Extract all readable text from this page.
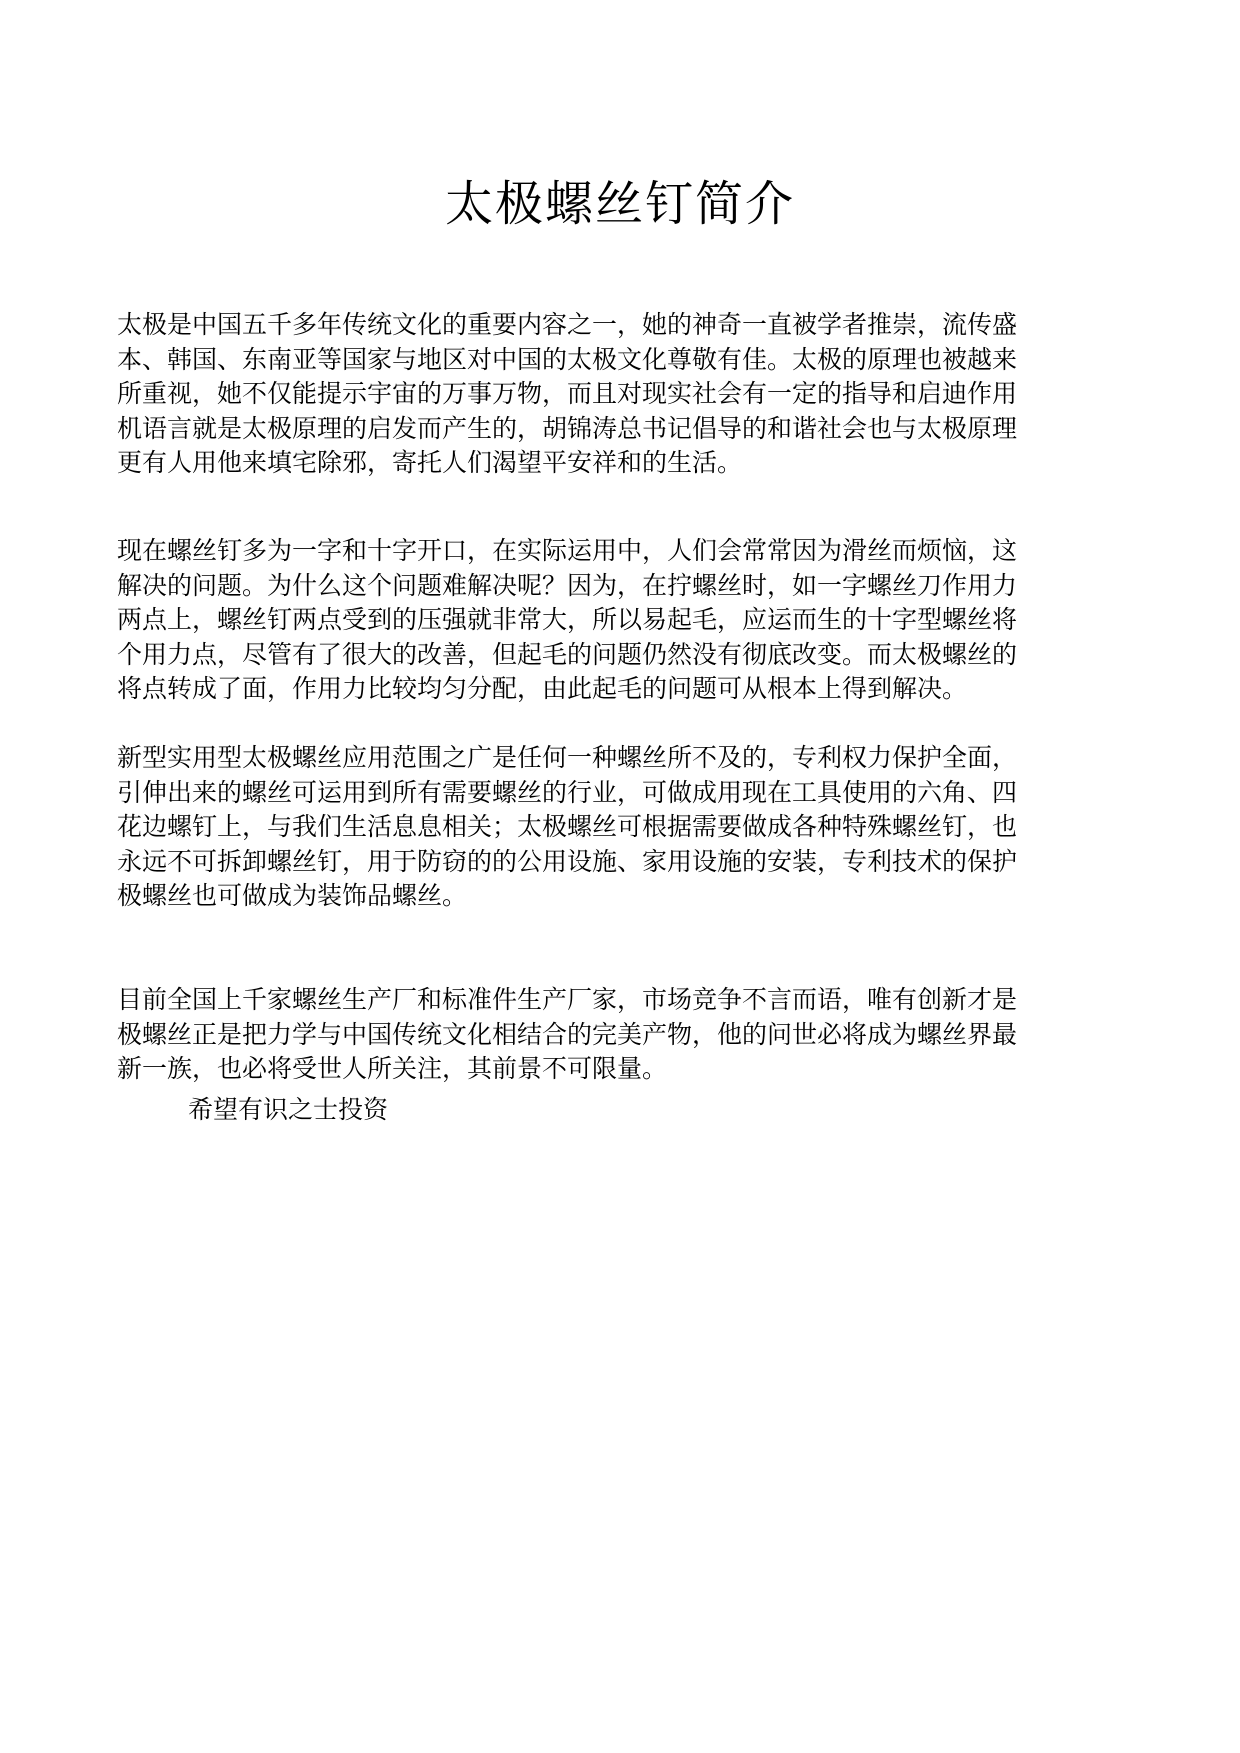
太极螺丝钉简介
太极是中国五千多年传统文化的重要内容之一，她的神奇一直被学者推崇，流传盛
本、韩国、东南亚等国家与地区对中国的太极文化尊敬有佳。太极的原理也被越来
所重视，她不仅能提示宇宙的万事万物，而且对现实社会有一定的指导和启迪作用
机语言就是太极原理的启发而产生的，胡锦涛总书记倡导的和谐社会也与太极原理
更有人用他来填宅除邪，寄托人们渴望平安祥和的生活。
现在螺丝钉多为一字和十字开口，在实际运用中，人们会常常因为滑丝而烦恼，这
解决的问题。为什么这个问题难解决呢？因为，在拧螺丝时，如一字螺丝刀作用力
两点上，螺丝钉两点受到的压强就非常大，所以易起毛，应运而生的十字型螺丝将
个用力点，尽管有了很大的改善，但起毛的问题仍然没有彻底改变。而太极螺丝的
将点转成了面，作用力比较均匀分配，由此起毛的问题可从根本上得到解决。
新型实用型太极螺丝应用范围之广是任何一种螺丝所不及的，专利权力保护全面，
引伸出来的螺丝可运用到所有需要螺丝的行业，可做成用现在工具使用的六角、四
花边螺钉上，与我们生活息息相关；太极螺丝可根据需要做成各种特殊螺丝钉，也
永远不可拆卸螺丝钉，用于防窃的的公用设施、家用设施的安装，专利技术的保护
极螺丝也可做成为装饰品螺丝。
目前全国上千家螺丝生产厂和标准件生产厂家，市场竞争不言而语，唯有创新才是
极螺丝正是把力学与中国传统文化相结合的完美产物，他的问世必将成为螺丝界最
新一族，也必将受世人所关注，其前景不可限量。

希望有识之士投资
